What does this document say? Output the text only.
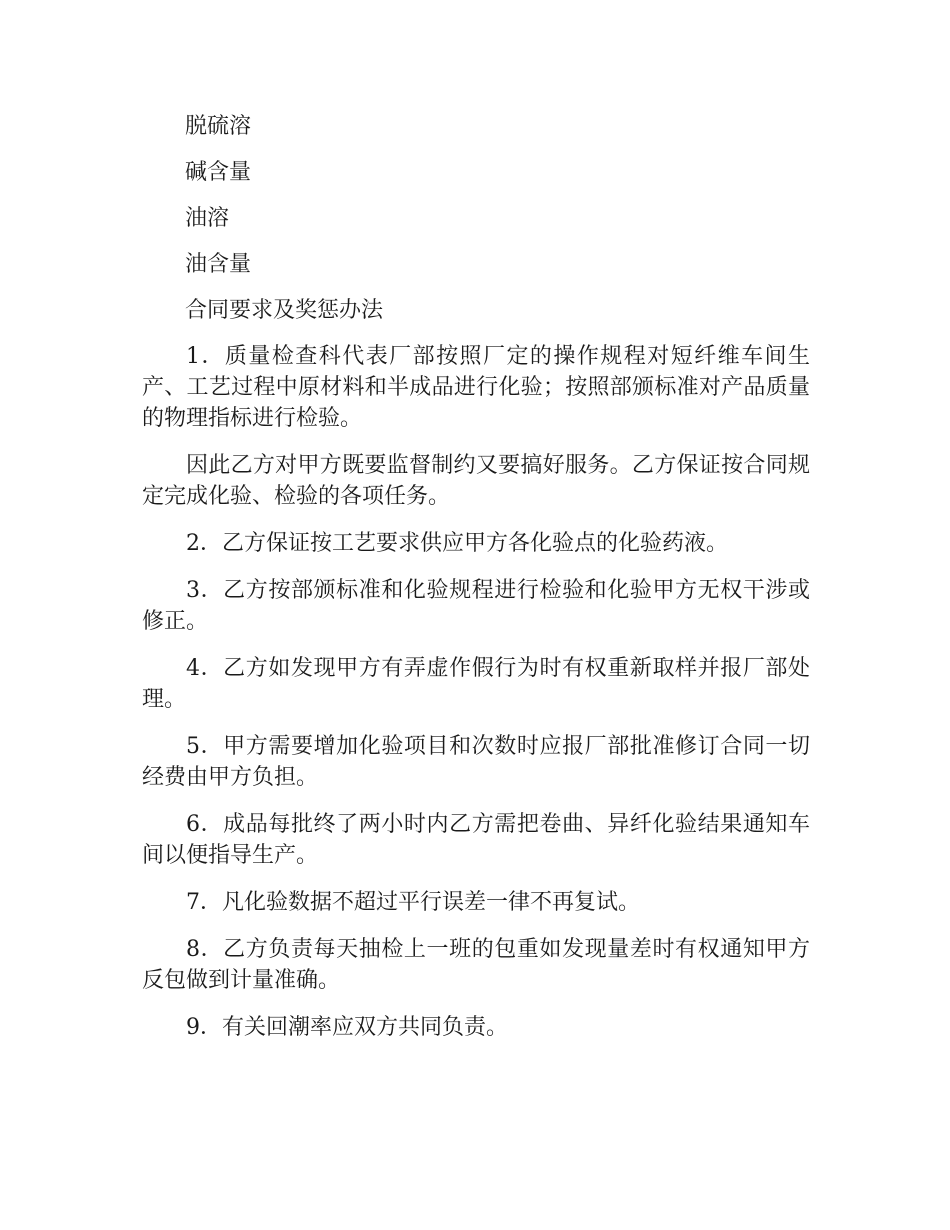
脱硫溶

碱含量

油溶

油含量

合同要求及奖惩办法

1．质量检查科代表厂部按照厂定的操作规程对短纤维车间生产、工艺过程中原材料和半成品进行化验；按照部颁标准对产品质量的物理指标进行检验。

因此乙方对甲方既要监督制约又要搞好服务。乙方保证按合同规定完成化验、检验的各项任务。

2．乙方保证按工艺要求供应甲方各化验点的化验药液。

3．乙方按部颁标准和化验规程进行检验和化验甲方无权干涉或修正。

4．乙方如发现甲方有弄虚作假行为时有权重新取样并报厂部处理。

5．甲方需要增加化验项目和次数时应报厂部批准修订合同一切经费由甲方负担。

6．成品每批终了两小时内乙方需把卷曲、异纤化验结果通知车间以便指导生产。

7．凡化验数据不超过平行误差一律不再复试。

8．乙方负责每天抽检上一班的包重如发现量差时有权通知甲方反包做到计量准确。

9．有关回潮率应双方共同负责。
